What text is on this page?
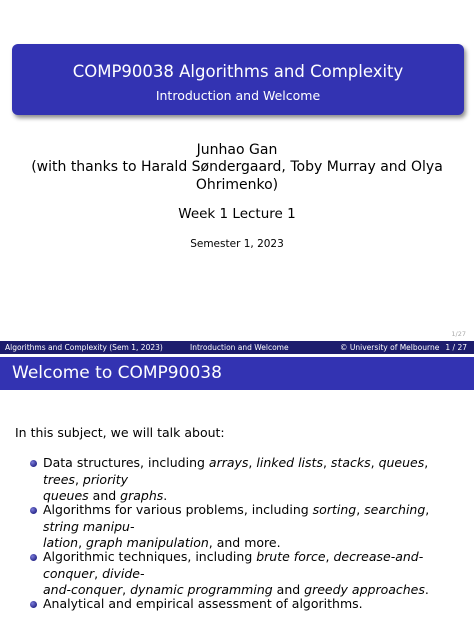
COMP90038 Algorithms and Complexity
Introduction and Welcome
Junhao Gan
(with thanks to Harald Søndergaard, Toby Murray and Olya
Ohrimenko)
Week 1 Lecture 1
Semester 1, 2023
1/27
Algorithms and Complexity (Sem 1, 2023)	Introduction and Welcome	© University of Melbourne 1 / 27
Welcome to COMP90038
In this subject, we will talk about:
Data structures, including arrays, linked lists, stacks, queues, trees, priority
queues and graphs.
Algorithms for various problems, including sorting, searching, string manipu-
lation, graph manipulation, and more.
Algorithmic techniques, including brute force, decrease-and-conquer, divide-
and-conquer, dynamic programming and greedy approaches.
Analytical and empirical assessment of algorithms.
